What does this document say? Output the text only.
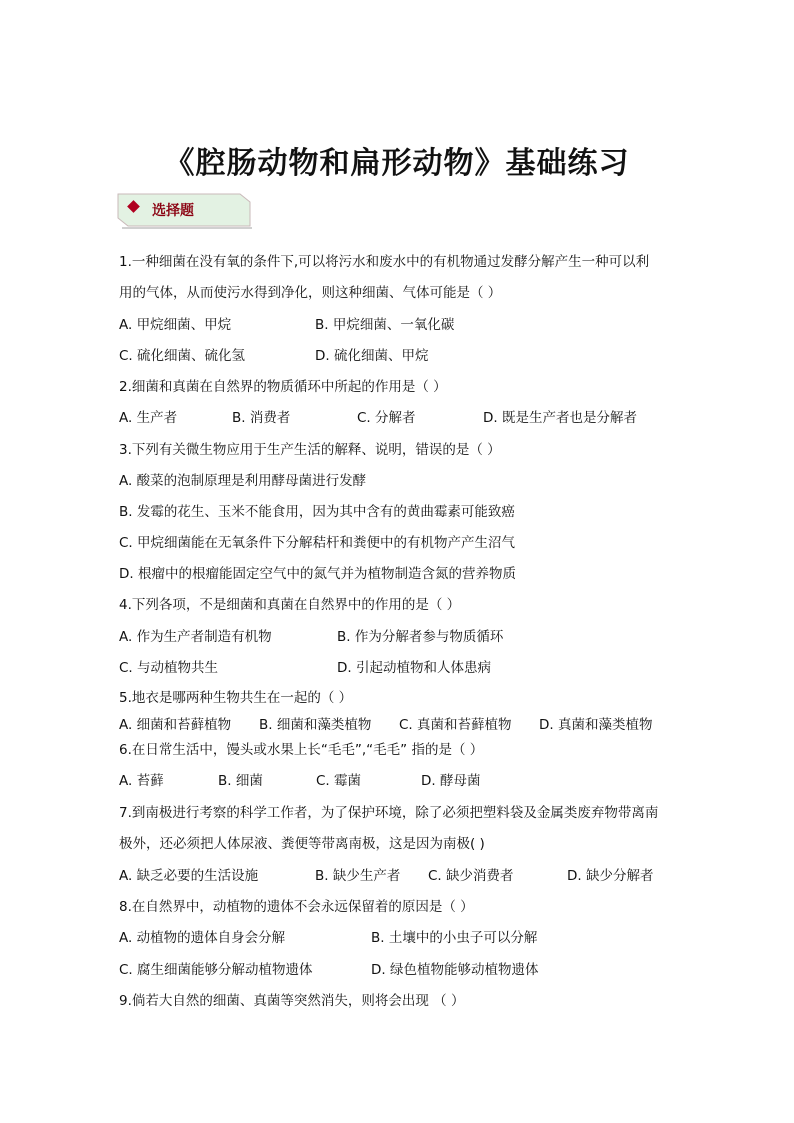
《腔肠动物和扁形动物》基础练习
选择题
1.一种细菌在没有氧的条件下,可以将污水和废水中的有机物通过发酵分解产生一种可以利
用的气体，从而使污水得到净化，则这种细菌、气体可能是（ ）
A. 甲烷细菌、甲烷	B. 甲烷细菌、一氧化碳
C. 硫化细菌、硫化氢	D. 硫化细菌、甲烷
2.细菌和真菌在自然界的物质循环中所起的作用是（ ）
A. 生产者	B. 消费者	C. 分解者	D. 既是生产者也是分解者
3.下列有关微生物应用于生产生活的解释、说明，错误的是（ ）
A. 酸菜的泡制原理是利用酵母菌进行发酵
B. 发霉的花生、玉米不能食用，因为其中含有的黄曲霉素可能致癌
C. 甲烷细菌能在无氧条件下分解秸杆和粪便中的有机物产产生沼气
D. 根瘤中的根瘤能固定空气中的氮气并为植物制造含氮的营养物质
4.下列各项，不是细菌和真菌在自然界中的作用的是（ ）
A. 作为生产者制造有机物	B. 作为分解者参与物质循环
C. 与动植物共生	D. 引起动植物和人体患病
5.地衣是哪两种生物共生在一起的（ ）
A. 细菌和苔藓植物 B. 细菌和藻类植物 C. 真菌和苔藓植物 D. 真菌和藻类植物
6.在日常生活中，馒头或水果上长“毛毛”,“毛毛” 指的是（ ）
A. 苔藓	B. 细菌	C. 霉菌	D. 酵母菌
7.到南极进行考察的科学工作者，为了保护环境，除了必须把塑料袋及金属类废弃物带离南
极外，还必须把人体尿液、粪便等带离南极，这是因为南极( )
A. 缺乏必要的生活设施	B. 缺少生产者 C. 缺少消费者	D. 缺少分解者
8.在自然界中，动植物的遗体不会永远保留着的原因是（ ）
A. 动植物的遗体自身会分解	B. 土壤中的小虫子可以分解
C. 腐生细菌能够分解动植物遗体	D. 绿色植物能够动植物遗体
9.倘若大自然的细菌、真菌等突然消失，则将会出现 （ ）
